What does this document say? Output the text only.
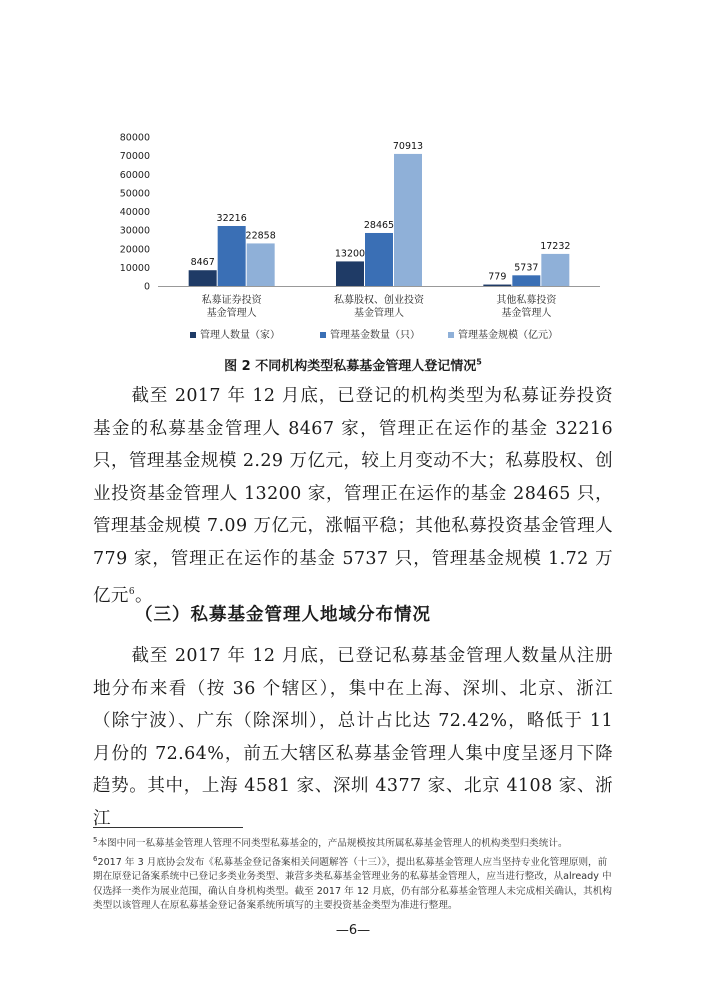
80000
70000
60000
50000
40000
30000
20000
10000
0
8467
32216
22858
13200
28465
70913
779
5737
17232
私募证券投资
基金管理人
私募股权、创业投资
基金管理人
其他私募投资
基金管理人
管理人数量（家）	管理基金数量（只）	管理基金规模（亿元）
图 2 不同机构类型私募基金管理人登记情况$^5$

截至 2017 年 12 月底，已登记的机构类型为私募证券投资基金的私募基金管理人 8467 家，管理正在运作的基金 32216 只，管理基金规模 2.29 万亿元，较上月变动不大；私募股权、创业投资基金管理人 13200 家，管理正在运作的基金 28465 只，管理基金规模 7.09 万亿元，涨幅平稳；其他私募投资基金管理人 779 家，管理正在运作的基金 5737 只，管理基金规模 1.72 万亿元$^6$。

（三）私募基金管理人地域分布情况

截至 2017 年 12 月底，已登记私募基金管理人数量从注册地分布来看（按 36 个辖区），集中在上海、深圳、北京、浙江（除宁波）、广东（除深圳），总计占比达 72.42%，略低于 11 月份的 72.64%，前五大辖区私募基金管理人集中度呈逐月下降趋势。其中，上海 4581 家、深圳 4377 家、北京 4108 家、浙江

$^5$本图中同一私募基金管理人管理不同类型私募基金的，产品规模按其所属私募基金管理人的机构类型归类统计。

$^6$2017 年 3 月底协会发布《私募基金登记备案相关问题解答（十三）》，提出私募基金管理人应当坚持专业化管理原则，前期在原登记备案系统中已登记多类业务类型、兼营多类私募基金管理业务的私募基金管理人，应当进行整改，从already 中仅选择一类作为展业范围，确认自身机构类型。截至 2017 年 12 月底，仍有部分私募基金管理人未完成相关确认，其机构类型以该管理人在原私募基金登记备案系统所填写的主要投资基金类型为准进行整理。

—6—
